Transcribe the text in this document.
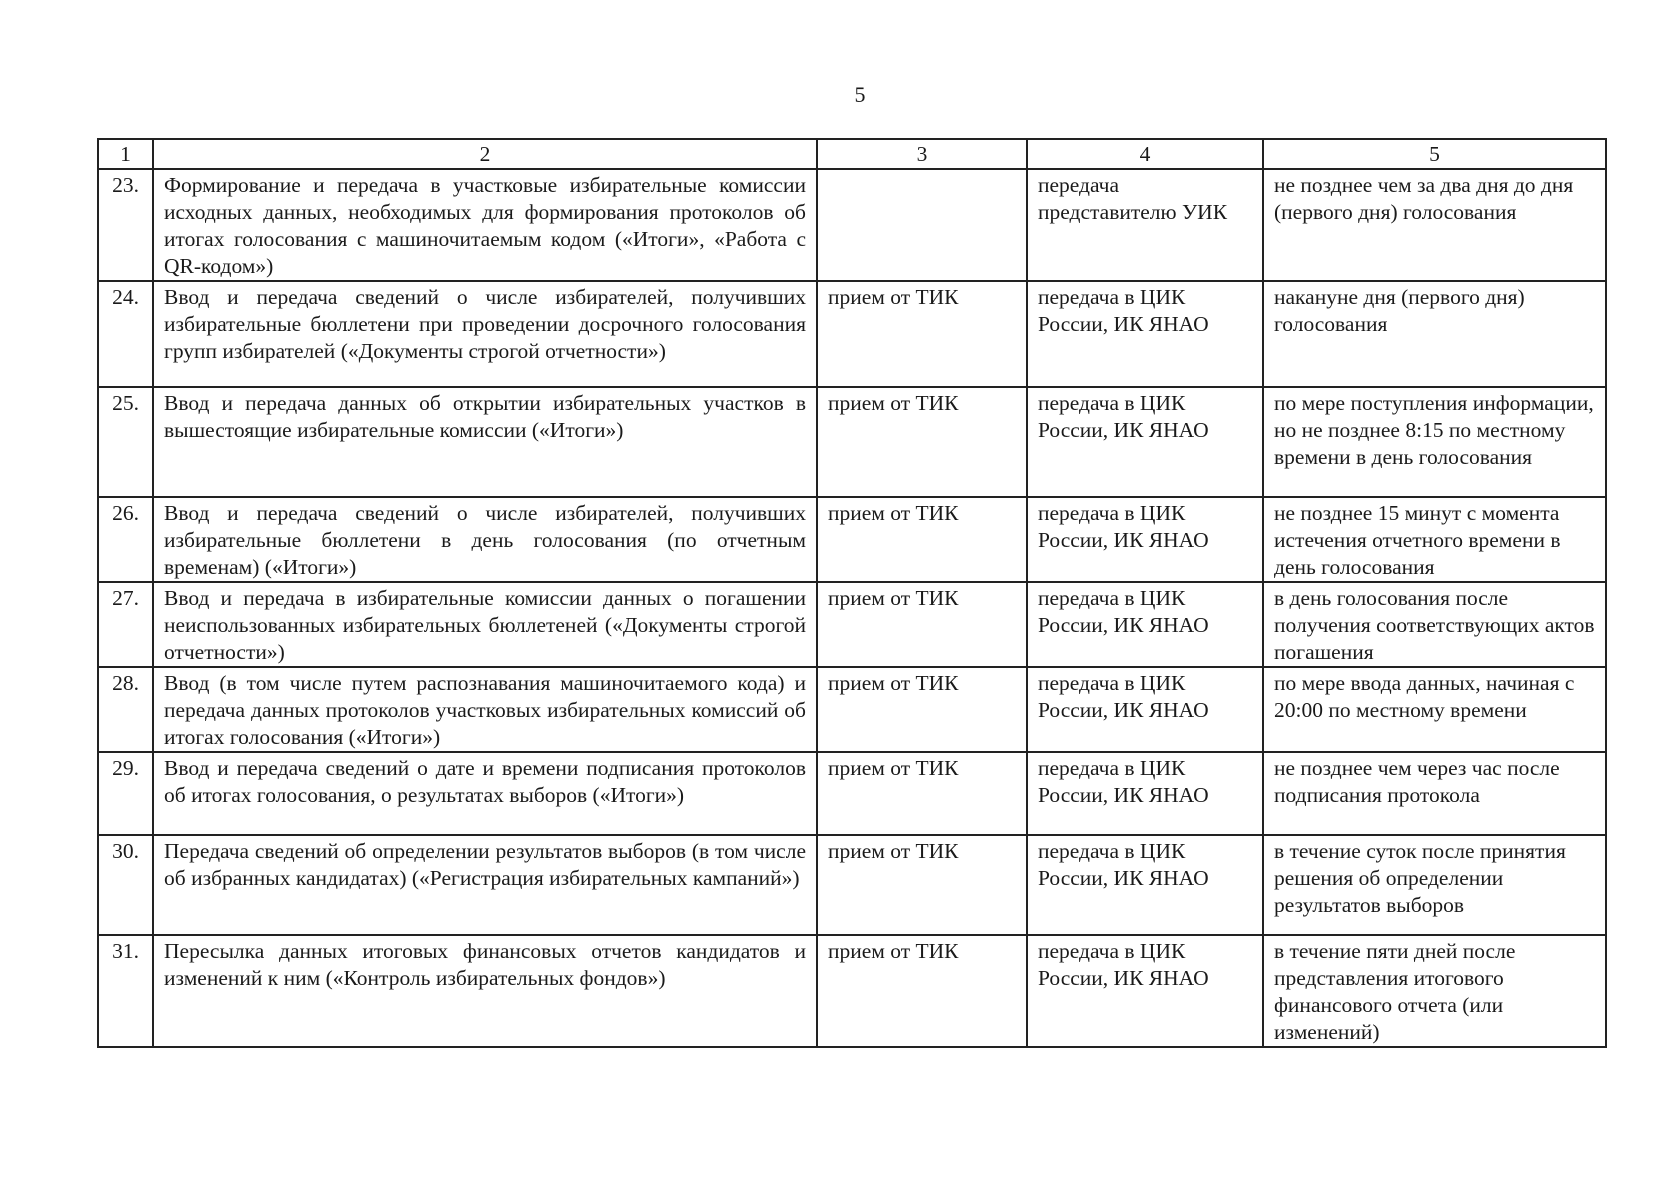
5
1	2	3	4	5
23.	Формирование и передача в участковые избирательные комиссии исходных данных, необходимых для формирования протоколов об итогах голосования с машиночитаемым кодом («Итоги», «Работа с QR-кодом»)		передача представителю УИК	не позднее чем за два дня до дня (первого дня) голосования
24.	Ввод и передача сведений о числе избирателей, получивших избирательные бюллетени при проведении досрочного голосования групп избирателей («Документы строгой отчетности»)	прием от ТИК	передача в ЦИК России, ИК ЯНАО	накануне дня (первого дня) голосования
25.	Ввод и передача данных об открытии избирательных участков в вышестоящие избирательные комиссии («Итоги»)	прием от ТИК	передача в ЦИК России, ИК ЯНАО	по мере поступления информации, но не позднее 8:15 по местному времени в день голосования
26.	Ввод и передача сведений о числе избирателей, получивших избирательные бюллетени в день голосования (по отчетным временам) («Итоги»)	прием от ТИК	передача в ЦИК России, ИК ЯНАО	не позднее 15 минут с момента истечения отчетного времени в день голосования
27.	Ввод и передача в избирательные комиссии данных о погашении неиспользованных избирательных бюллетеней («Документы строгой отчетности»)	прием от ТИК	передача в ЦИК России, ИК ЯНАО	в день голосования после получения соответствующих актов погашения
28.	Ввод (в том числе путем распознавания машиночитаемого кода) и передача данных протоколов участковых избирательных комиссий об итогах голосования («Итоги»)	прием от ТИК	передача в ЦИК России, ИК ЯНАО	по мере ввода данных, начиная с 20:00 по местному времени
29.	Ввод и передача сведений о дате и времени подписания протоколов об итогах голосования, о результатах выборов («Итоги»)	прием от ТИК	передача в ЦИК России, ИК ЯНАО	не позднее чем через час после подписания протокола
30.	Передача сведений об определении результатов выборов (в том числе об избранных кандидатах) («Регистрация избирательных кампаний»)	прием от ТИК	передача в ЦИК России, ИК ЯНАО	в течение суток после принятия решения об определении результатов выборов
31.	Пересылка данных итоговых финансовых отчетов кандидатов и изменений к ним («Контроль избирательных фондов»)	прием от ТИК	передача в ЦИК России, ИК ЯНАО	в течение пяти дней после представления итогового финансового отчета (или изменений)
